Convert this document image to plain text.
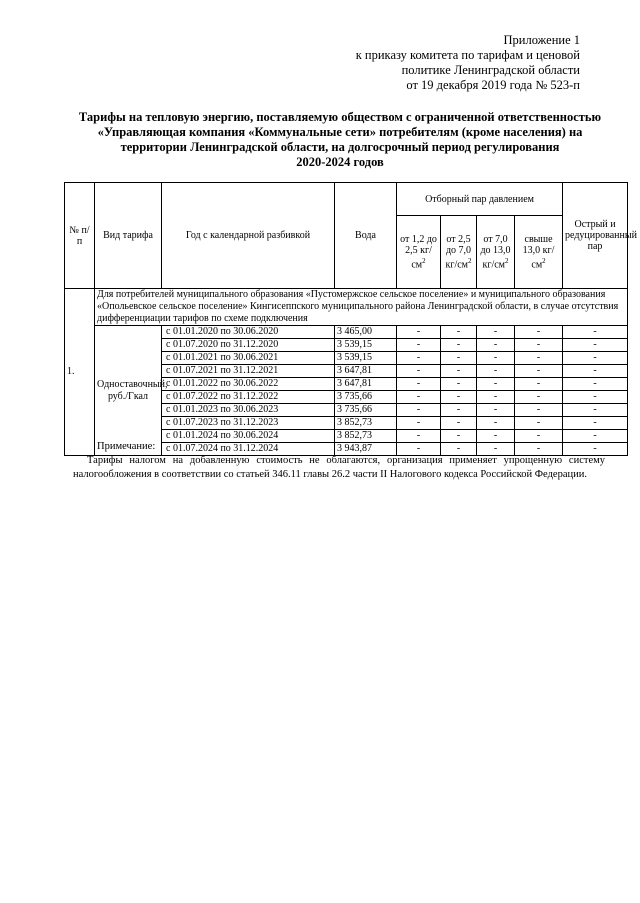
Приложение 1
к приказу комитета по тарифам и ценовой
политике Ленинградской области
от 19 декабря 2019 года № 523-п
Тарифы на тепловую энергию, поставляемую обществом с ограниченной ответственностью
«Управляющая компания «Коммунальные сети» потребителям (кроме населения) на
территории Ленинградской области, на долгосрочный период регулирования
2020-2024 годов
№ п/п	Вид тарифа	Год с календарной разбивкой	Вода	Отборный пар давлением				Острый и редуцированный пар
				от 1,2 до 2,5 $кг/см^2$	от 2,5 до 7,0 $кг/см^2$	от 7,0 до 13,0 $кг/см^2$	свыше 13,0 $кг/см^2$
1.	Для потребителей муниципального образования «Пустомержское сельское поселение» и муниципального образования «Опольевское сельское поселение» Кингисеппского муниципального района Ленинградской области, в случае отсутствия дифференциации тарифов по схеме подключения							
	Одноставочный, руб./Гкал	с 01.01.2020 по 30.06.2020	3 465,00	-	-	-	-	-
		с 01.07.2020 по 31.12.2020	3 539,15	-	-	-	-	-
		с 01.01.2021 по 30.06.2021	3 539,15	-	-	-	-	-
		с 01.07.2021 по 31.12.2021	3 647,81	-	-	-	-	-
		с 01.01.2022 по 30.06.2022	3 647,81	-	-	-	-	-
		с 01.07.2022 по 31.12.2022	3 735,66	-	-	-	-	-
		с 01.01.2023 по 30.06.2023	3 735,66	-	-	-	-	-
		с 01.07.2023 по 31.12.2023	3 852,73	-	-	-	-	-
		с 01.01.2024 по 30.06.2024	3 852,73	-	-	-	-	-
		с 01.07.2024 по 31.12.2024	3 943,87	-	-	-	-	-
Примечание:
Тарифы налогом на добавленную стоимость не облагаются, организация применяет упрощенную систему налогообложения в соответствии со статьей 346.11 главы 26.2 части II Налогового кодекса Российской Федерации.
